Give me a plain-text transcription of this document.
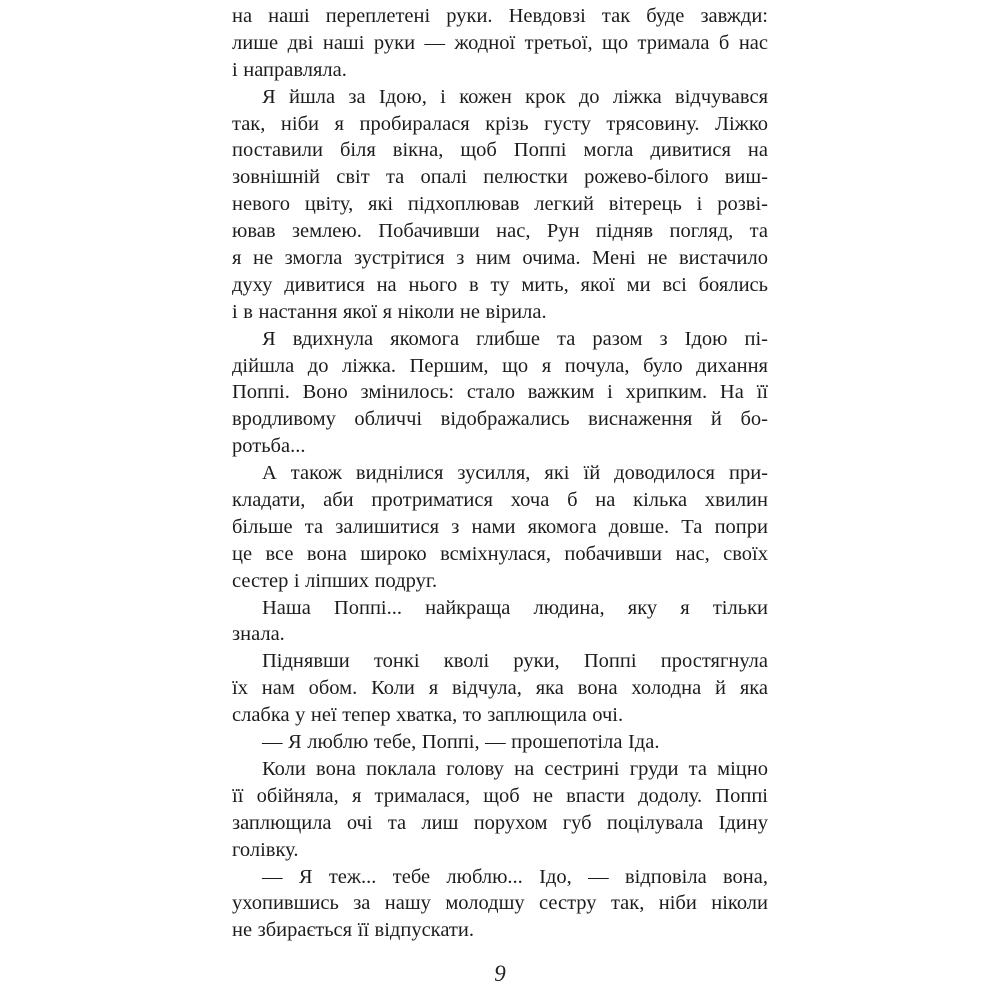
на наші переплетені руки. Невдовзі так буде завжди:
лише дві наші руки — жодної третьої, що тримала б нас
і направляла.
Я йшла за Ідою, і кожен крок до ліжка відчувався
так, ніби я пробиралася крізь густу трясовину. Ліжко
поставили біля вікна, щоб Поппі могла дивитися на
зовнішній світ та опалі пелюстки рожево-білого виш-
невого цвіту, які підхоплював легкий вітерець і розві-
ював землею. Побачивши нас, Рун підняв погляд, та
я не змогла зустрітися з ним очима. Мені не вистачило
духу дивитися на нього в ту мить, якої ми всі боялись
і в настання якої я ніколи не вірила.
Я вдихнула якомога глибше та разом з Ідою пі-
дійшла до ліжка. Першим, що я почула, було дихання
Поппі. Воно змінилось: стало важким і хрипким. На її
вродливому обличчі відображались виснаження й бо-
ротьба...
А також виднілися зусилля, які їй доводилося при-
кладати, аби протриматися хоча б на кілька хвилин
більше та залишитися з нами якомога довше. Та попри
це все вона широко всміхнулася, побачивши нас, своїх
сестер і ліпших подруг.
Наша Поппі... найкраща людина, яку я тільки
знала.
Піднявши тонкі кволі руки, Поппі простягнула
їх нам обом. Коли я відчула, яка вона холодна й яка
слабка у неї тепер хватка, то заплющила очі.
— Я люблю тебе, Поппі, — прошепотіла Іда.
Коли вона поклала голову на сестрині груди та міцно
її обійняла, я трималася, щоб не впасти додолу. Поппі
заплющила очі та лиш порухом губ поцілувала Ідину
голівку.
— Я теж... тебе люблю... Ідо, — відповіла вона,
ухопившись за нашу молодшу сестру так, ніби ніколи
не збирається її відпускати.
9
